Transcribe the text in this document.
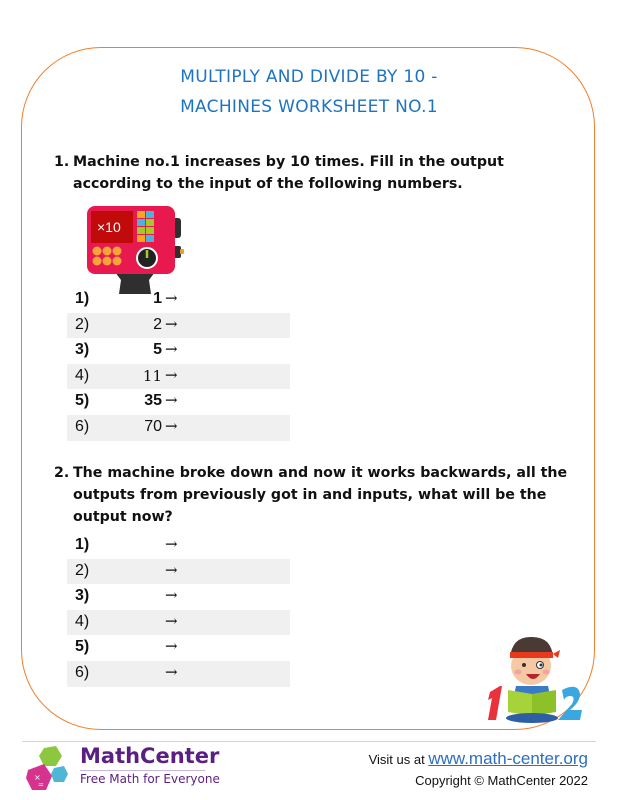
MULTIPLY AND DIVIDE BY 10 -
MACHINES WORKSHEET NO.1
1. Machine no.1 increases by 10 times. Fill in the output according to the input of the following numbers.
×10
1)	1 →
2)	2 →
3)	5 →
4)	11 →
5)	35 →
6)	70 →
2. The machine broke down and now it works backwards, all the outputs from previously got in and inputs, what will be the output now?
1)	→
2)	→
3)	→
4)	→
5)	→
6)	→
×
=
MathCenter
Free Math for Everyone
Visit us at www.math-center.org
Copyright © MathCenter 2022
